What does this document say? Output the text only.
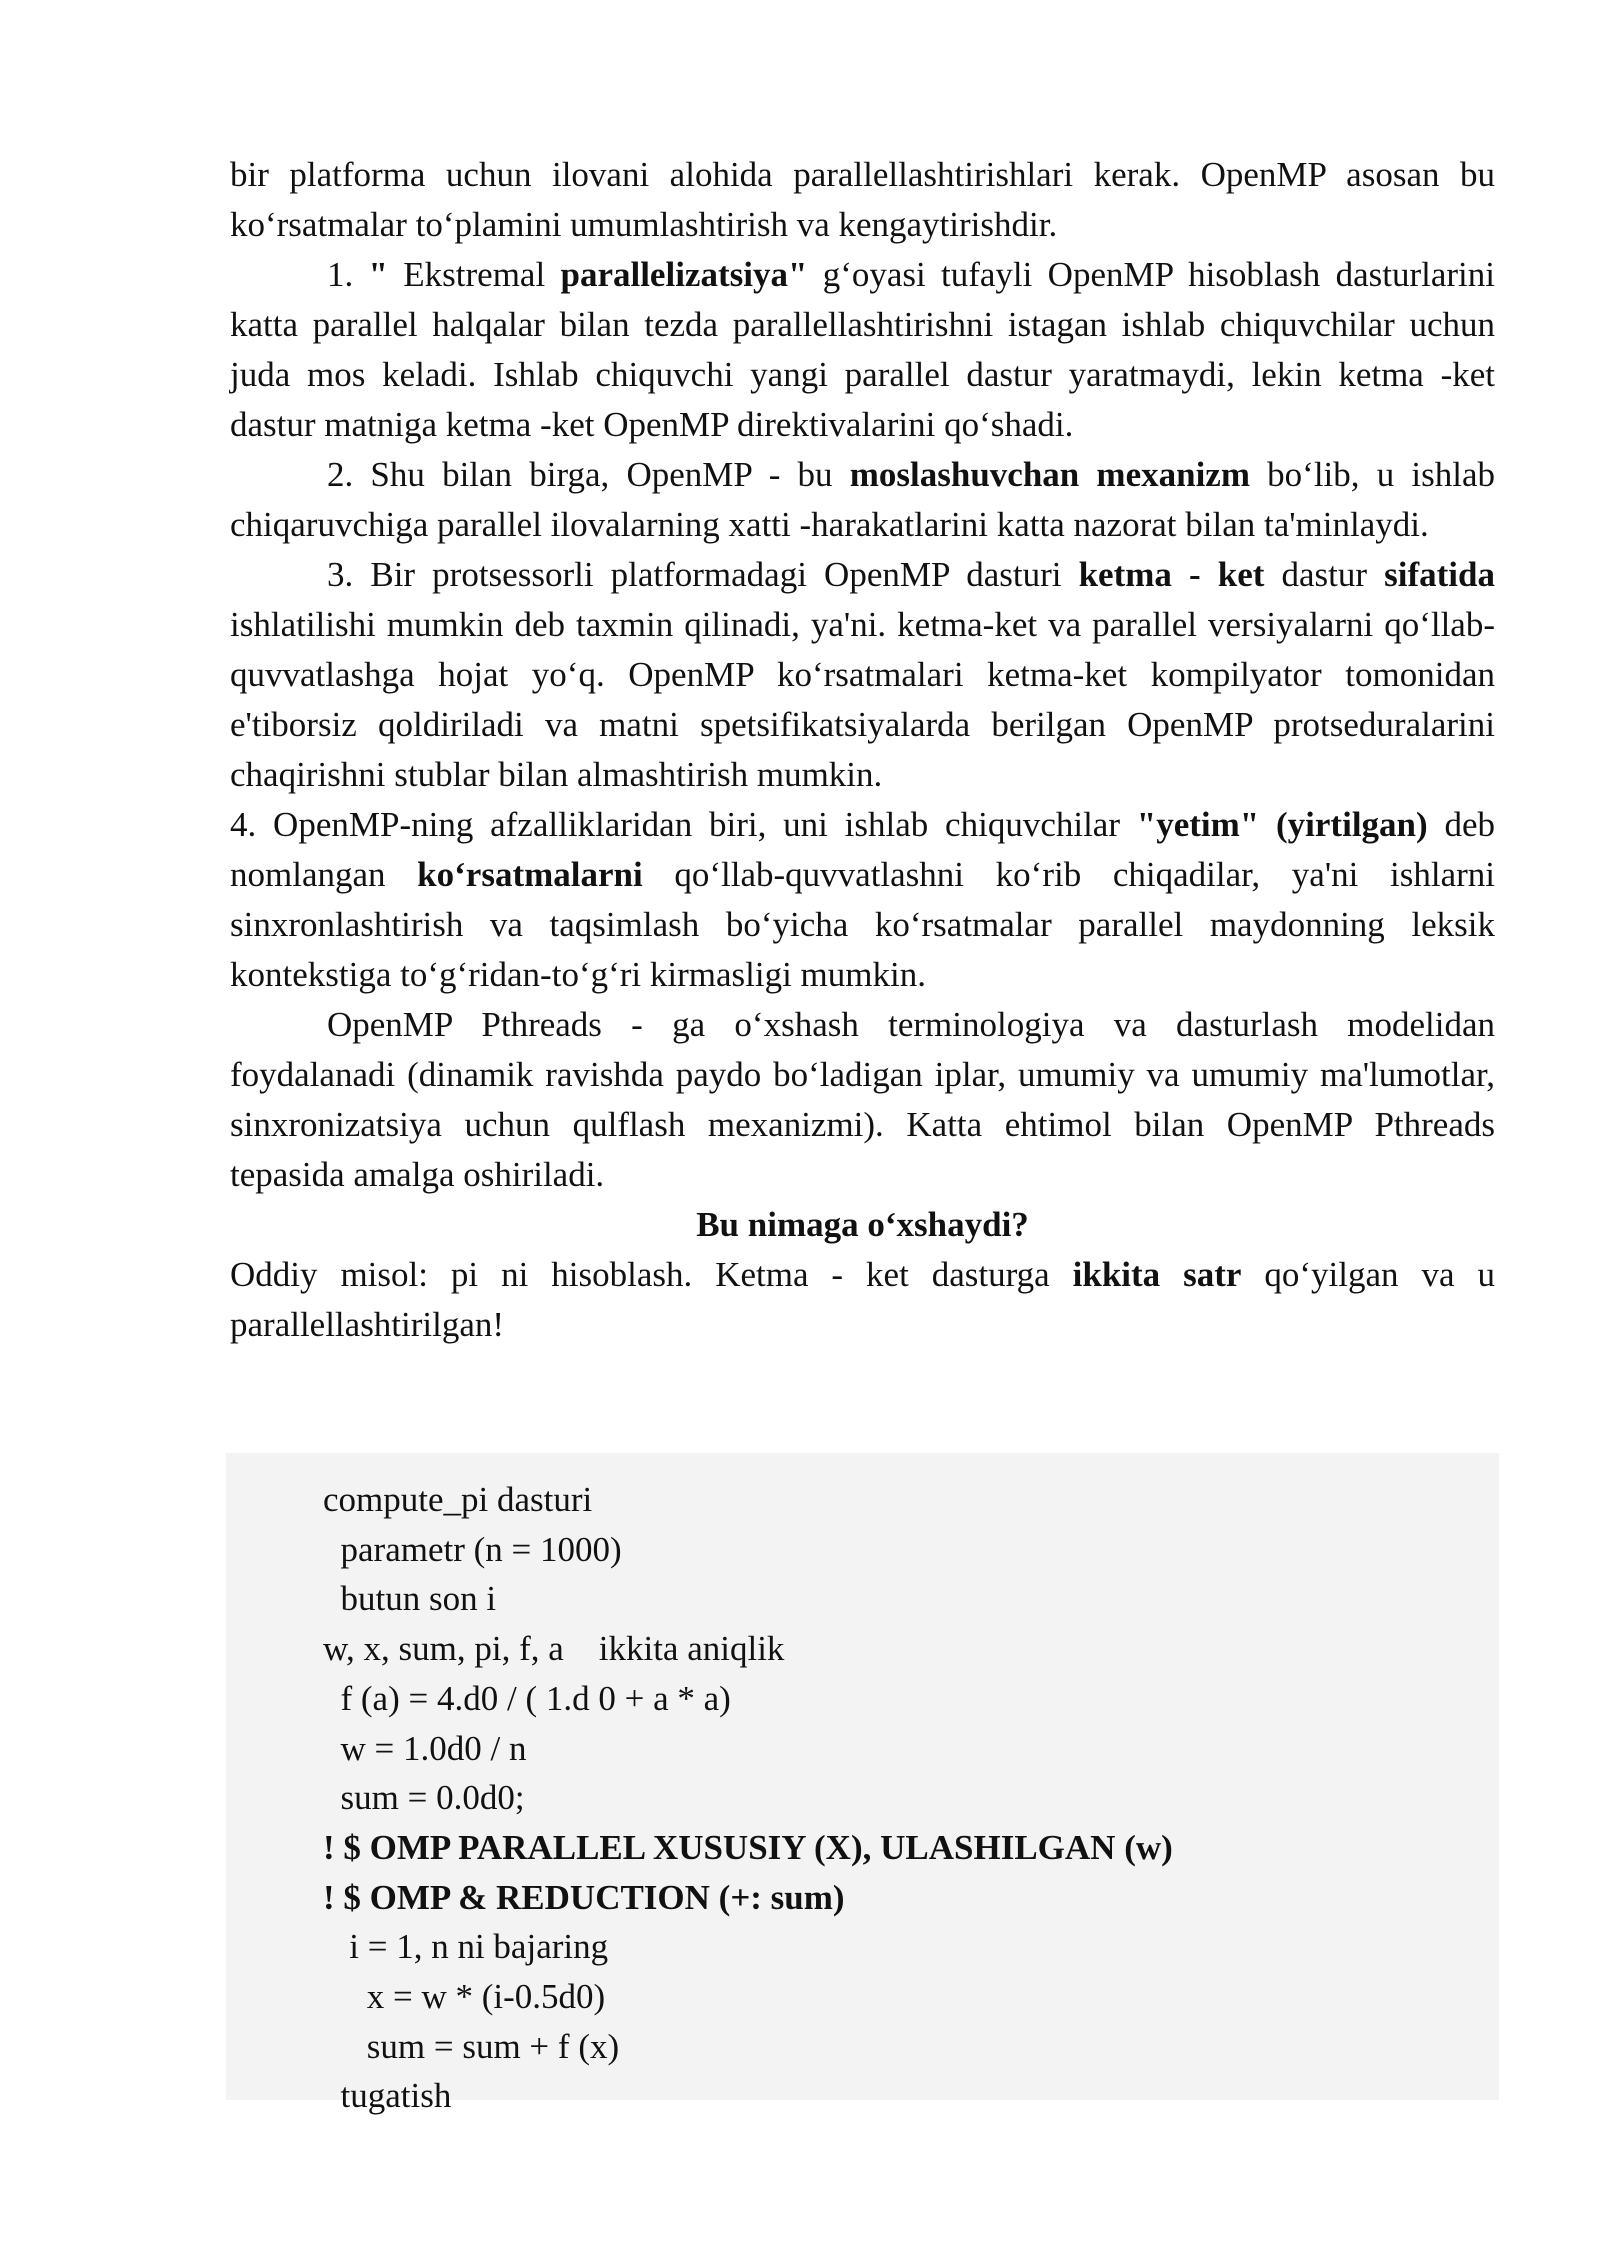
bir platforma uchun ilovani alohida parallellashtirishlari kerak. OpenMP asosan bu ko‘rsatmalar to‘plamini umumlashtirish va kengaytirishdir.

1. " Ekstremal parallelizatsiya" g‘oyasi tufayli OpenMP hisoblash dasturlarini katta parallel halqalar bilan tezda parallellashtirishni istagan ishlab chiquvchilar uchun juda mos keladi. Ishlab chiquvchi yangi parallel dastur yaratmaydi, lekin ketma -ket dastur matniga ketma -ket OpenMP direktivalarini qo‘shadi.

2. Shu bilan birga, OpenMP - bu moslashuvchan mexanizm bo‘lib, u ishlab chiqaruvchiga parallel ilovalarning xatti -harakatlarini katta nazorat bilan ta'minlaydi.

3. Bir protsessorli platformadagi OpenMP dasturi ketma - ket dastur sifatida ishlatilishi mumkin deb taxmin qilinadi, ya'ni. ketma-ket va parallel versiyalarni qo‘llab-quvvatlashga hojat yo‘q. OpenMP ko‘rsatmalari ketma-ket kompilyator tomonidan e'tiborsiz qoldiriladi va matni spetsifikatsiyalarda berilgan OpenMP protseduralarini chaqirishni stublar bilan almashtirish mumkin.

4. OpenMP-ning afzalliklaridan biri, uni ishlab chiquvchilar "yetim" (yirtilgan) deb nomlangan ko‘rsatmalarni qo‘llab-quvvatlashni ko‘rib chiqadilar, ya'ni ishlarni sinxronlashtirish va taqsimlash bo‘yicha ko‘rsatmalar parallel maydonning leksik kontekstiga to‘g‘ridan-to‘g‘ri kirmasligi mumkin.

OpenMP Pthreads - ga o‘xshash terminologiya va dasturlash modelidan foydalanadi (dinamik ravishda paydo bo‘ladigan iplar, umumiy va umumiy ma'lumotlar, sinxronizatsiya uchun qulflash mexanizmi). Katta ehtimol bilan OpenMP Pthreads tepasida amalga oshiriladi.

Bu nimaga o‘xshaydi?

Oddiy misol: pi ni hisoblash. Ketma - ket dasturga ikkita satr qo‘yilgan va u parallellashtirilgan!

compute_pi dasturi
parametr (n = 1000)
butun son i
w, x, sum, pi, f, a    ikkita aniqlik
f (a) = 4.d0 / ( 1.d 0 + a * a)
w = 1.0d0 / n
sum = 0.0d0;
! $ OMP PARALLEL XUSUSIY (X), ULASHILGAN (w)
! $ OMP & REDUCTION (+: sum)
i = 1, n ni bajaring
x = w * (i-0.5d0)
sum = sum + f (x)
tugatish
